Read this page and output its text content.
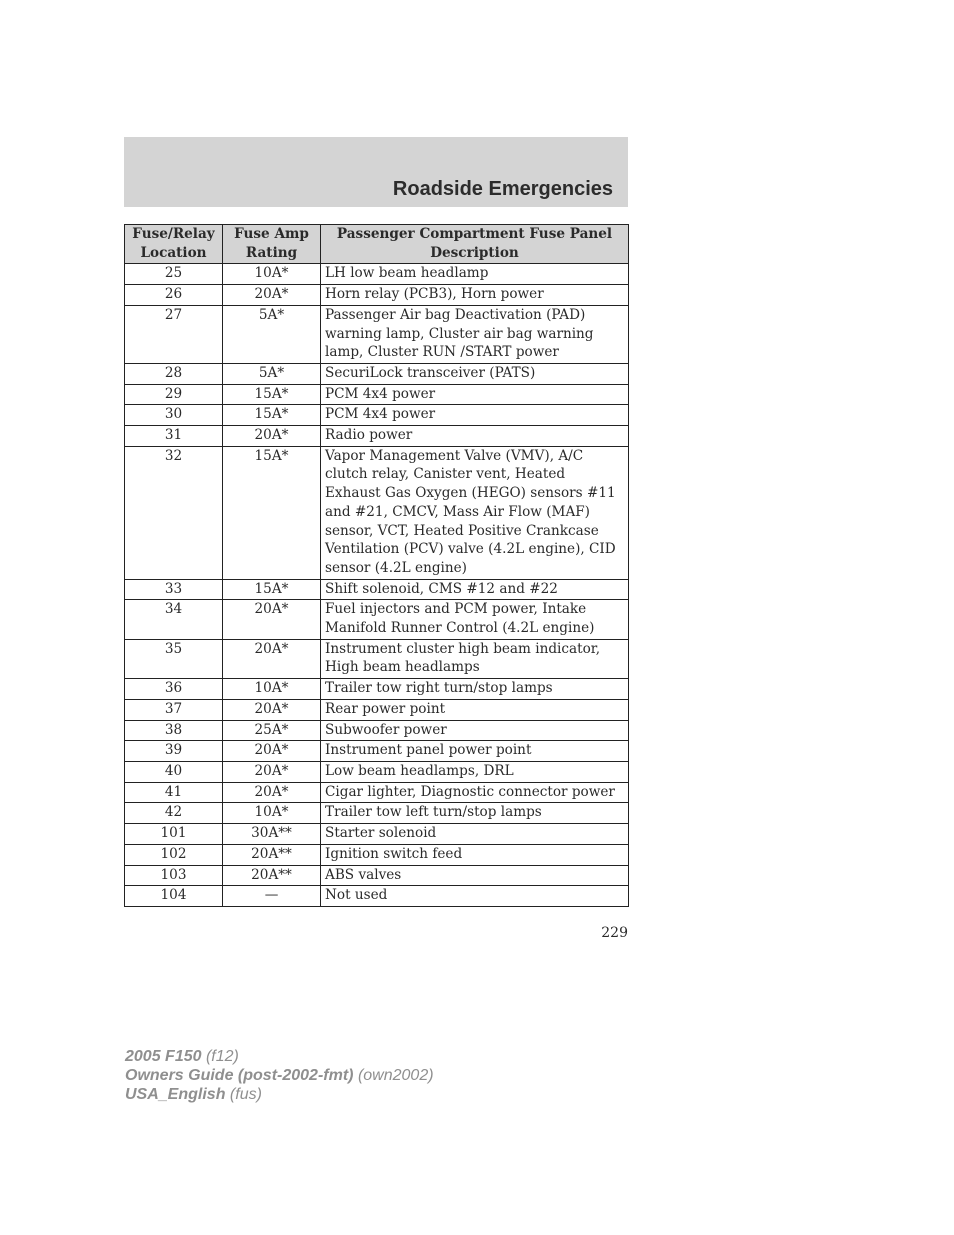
Roadside Emergencies
Fuse/Relay Location	Fuse Amp Rating	Passenger Compartment Fuse Panel Description
25	10A*	LH low beam headlamp
26	20A*	Horn relay (PCB3), Horn power
27	5A*	Passenger Air bag Deactivation (PAD) warning lamp, Cluster air bag warning lamp, Cluster RUN /START power
28	5A*	SecuriLock transceiver (PATS)
29	15A*	PCM 4x4 power
30	15A*	PCM 4x4 power
31	20A*	Radio power
32	15A*	Vapor Management Valve (VMV), A/C clutch relay, Canister vent, Heated Exhaust Gas Oxygen (HEGO) sensors #11 and #21, CMCV, Mass Air Flow (MAF) sensor, VCT, Heated Positive Crankcase Ventilation (PCV) valve (4.2L engine), CID sensor (4.2L engine)
33	15A*	Shift solenoid, CMS #12 and #22
34	20A*	Fuel injectors and PCM power, Intake Manifold Runner Control (4.2L engine)
35	20A*	Instrument cluster high beam indicator, High beam headlamps
36	10A*	Trailer tow right turn/stop lamps
37	20A*	Rear power point
38	25A*	Subwoofer power
39	20A*	Instrument panel power point
40	20A*	Low beam headlamps, DRL
41	20A*	Cigar lighter, Diagnostic connector power
42	10A*	Trailer tow left turn/stop lamps
101	30A**	Starter solenoid
102	20A**	Ignition switch feed
103	20A**	ABS valves
104	—	Not used
229
2005 F150 (f12)
Owners Guide (post-2002-fmt) (own2002)
USA_English (fus)
